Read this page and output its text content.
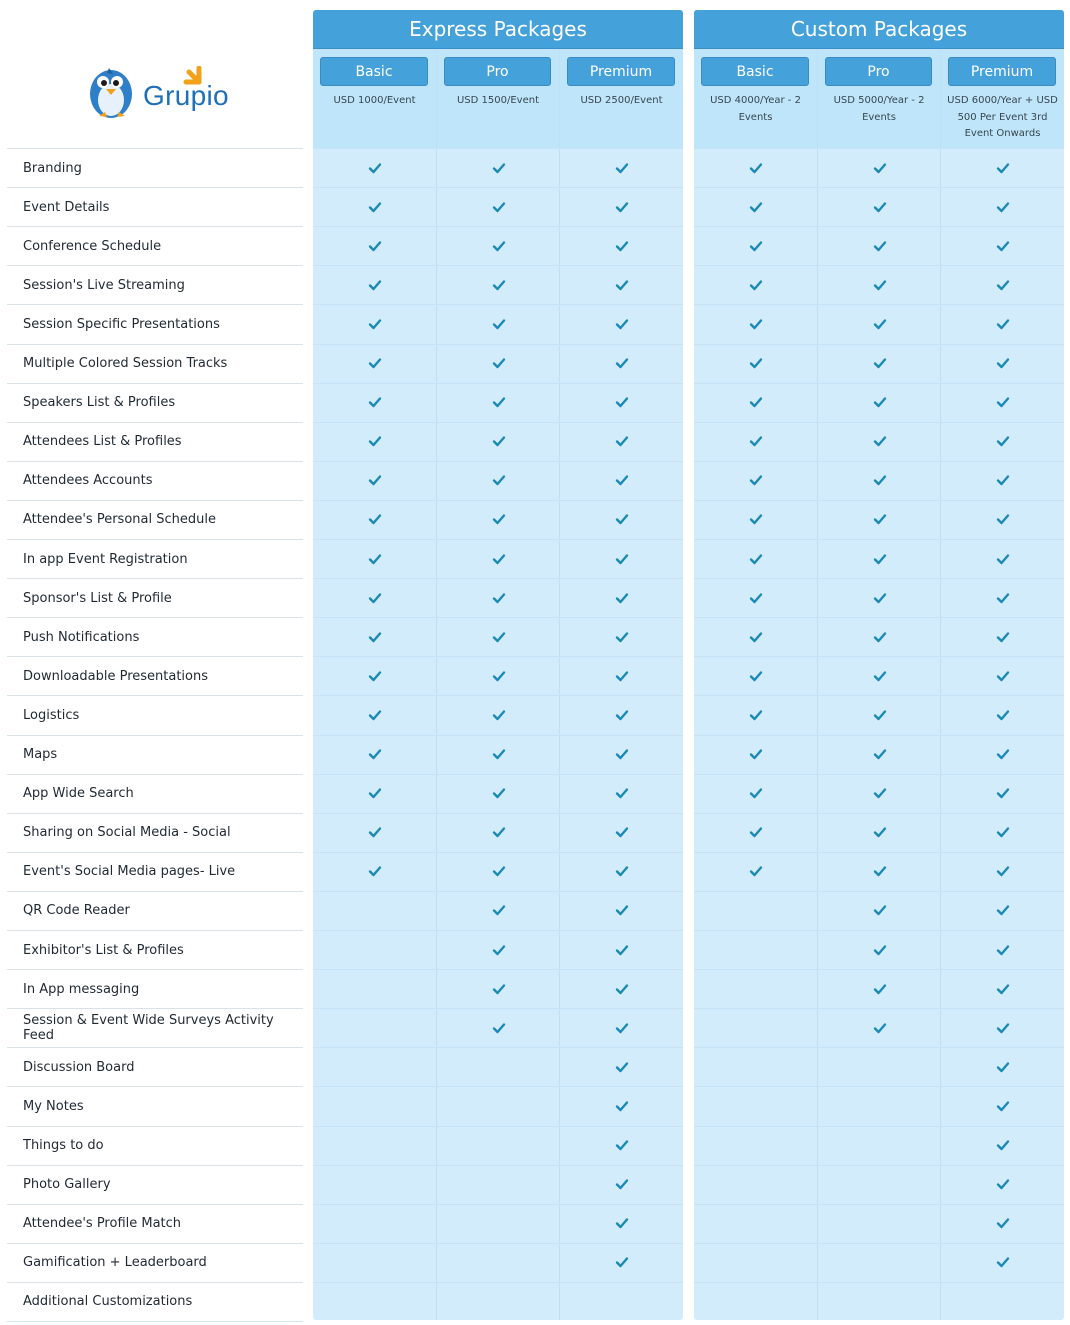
Grupio
Branding
Event Details
Conference Schedule
Session's Live Streaming
Session Specific Presentations
Multiple Colored Session Tracks
Speakers List & Profiles
Attendees List & Profiles
Attendees Accounts
Attendee's Personal Schedule
In app Event Registration
Sponsor's List & Profile
Push Notifications
Downloadable Presentations
Logistics
Maps
App Wide Search
Sharing on Social Media - Social
Event's Social Media pages- Live
QR Code Reader
Exhibitor's List & Profiles
In App messaging
Session & Event Wide Surveys Activity Feed
Discussion Board
My Notes
Things to do
Photo Gallery
Attendee's Profile Match
Gamification + Leaderboard
Additional Customizations
Express Packages
Basic
USD 1000/Event
Pro
USD 1500/Event
Premium
USD 2500/Event
Custom Packages
Basic
USD 4000/Year - 2 Events
Pro
USD 5000/Year - 2 Events
Premium
USD 6000/Year + USD 500 Per Event 3rd Event Onwards
